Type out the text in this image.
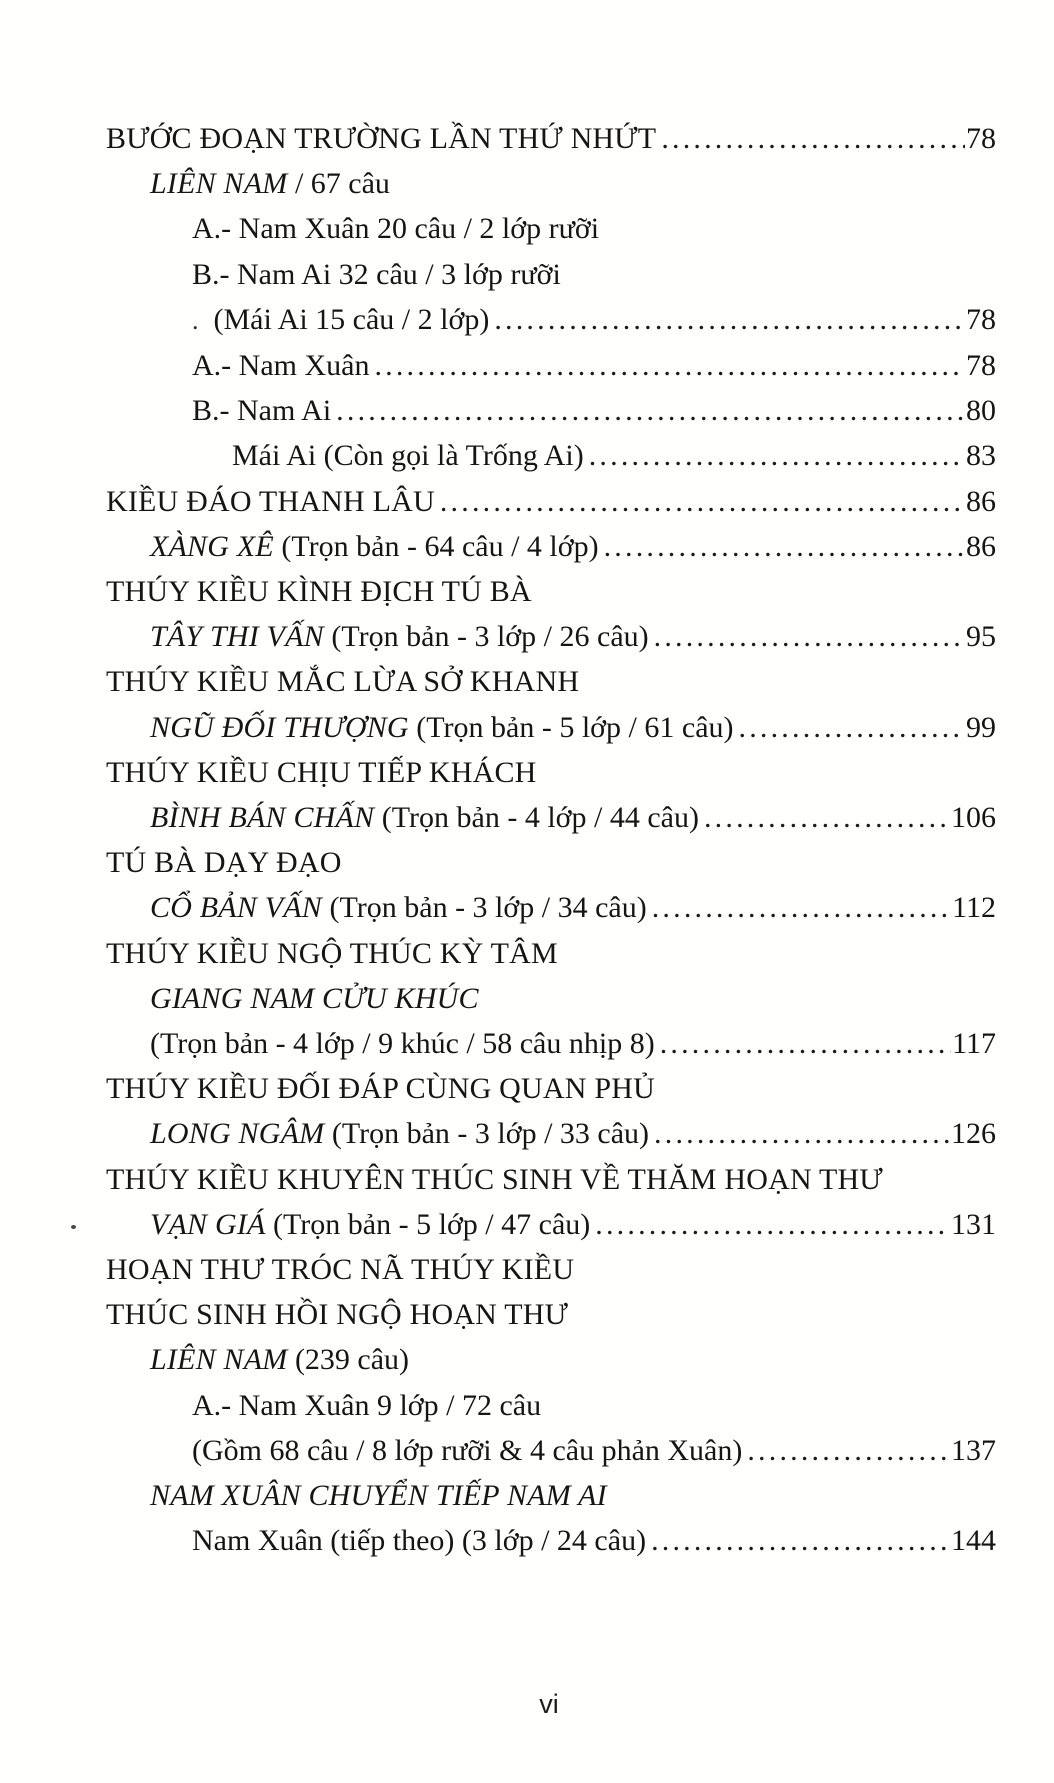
BƯỚC ĐOẠN TRƯỜNG LẦN THỨ NHỨT .....	78
LIÊN NAM / 67 câu
A.- Nam Xuân 20 câu / 2 lớp rưỡi
B.- Nam Ai 32 câu / 3 lớp rưỡi
. (Mái Ai 15 câu / 2 lớp) .....	78
A.- Nam Xuân .....	78
B.- Nam Ai .....	80
Mái Ai (Còn gọi là Trống Ai) .....	83
KIỀU ĐÁO THANH LÂU .....	86
XÀNG XÊ (Trọn bản - 64 câu / 4 lớp) .....	86
THÚY KIỀU KÌNH ĐỊCH TÚ BÀ
TÂY THI VẤN (Trọn bản - 3 lớp / 26 câu) .....	95
THÚY KIỀU MẮC LỪA SỞ KHANH
NGŨ ĐỐI THƯỢNG (Trọn bản - 5 lớp / 61 câu) .....	99
THÚY KIỀU CHỊU TIẾP KHÁCH
BÌNH BÁN CHẤN (Trọn bản - 4 lớp / 44 câu) .....	106
TÚ BÀ DẠY ĐẠO
CỔ BẢN VẤN (Trọn bản - 3 lớp / 34 câu) .....	112
THÚY KIỀU NGỘ THÚC KỲ TÂM
GIANG NAM CỬU KHÚC
(Trọn bản - 4 lớp / 9 khúc / 58 câu nhịp 8) .....	117
THÚY KIỀU ĐỐI ĐÁP CÙNG QUAN PHỦ
LONG NGÂM (Trọn bản - 3 lớp / 33 câu) .....	126
THÚY KIỀU KHUYÊN THÚC SINH VỀ THĂM HOẠN THƯ
VẠN GIÁ (Trọn bản - 5 lớp / 47 câu) .....	131
HOẠN THƯ TRÓC NÃ THÚY KIỀU
THÚC SINH HỒI NGỘ HOẠN THƯ
LIÊN NAM (239 câu)
A.- Nam Xuân 9 lớp / 72 câu
(Gồm 68 câu / 8 lớp rưỡi & 4 câu phản Xuân) .....	137
NAM XUÂN CHUYỂN TIẾP NAM AI
Nam Xuân (tiếp theo) (3 lớp / 24 câu) .....	144
vi
